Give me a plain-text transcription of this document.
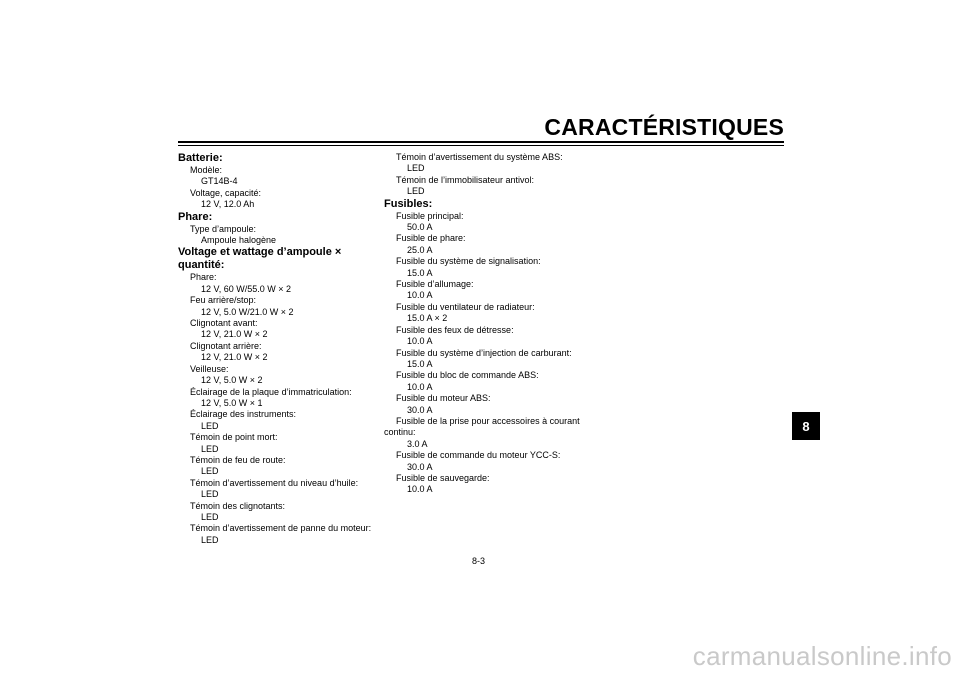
CARACTÉRISTIQUES
8
Batterie:
Modèle:
GT14B-4
Voltage, capacité:
12 V, 12.0 Ah
Phare:
Type d’ampoule:
Ampoule halogène
Voltage et wattage d’ampoule × quantité:
Phare:
12 V, 60 W/55.0 W × 2
Feu arrière/stop:
12 V, 5.0 W/21.0 W × 2
Clignotant avant:
12 V, 21.0 W × 2
Clignotant arrière:
12 V, 21.0 W × 2
Veilleuse:
12 V, 5.0 W × 2
Éclairage de la plaque d’immatriculation:
12 V, 5.0 W × 1
Éclairage des instruments:
LED
Témoin de point mort:
LED
Témoin de feu de route:
LED
Témoin d’avertissement du niveau d’huile:
LED
Témoin des clignotants:
LED
Témoin d’avertissement de panne du moteur:
LED
Témoin d’avertissement du système ABS:
LED
Témoin de l’immobilisateur antivol:
LED
Fusibles:
Fusible principal:
50.0 A
Fusible de phare:
25.0 A
Fusible du système de signalisation:
15.0 A
Fusible d’allumage:
10.0 A
Fusible du ventilateur de radiateur:
15.0 A × 2
Fusible des feux de détresse:
10.0 A
Fusible du système d’injection de carburant:
15.0 A
Fusible du bloc de commande ABS:
10.0 A
Fusible du moteur ABS:
30.0 A
Fusible de la prise pour accessoires à courant
continu:
3.0 A
Fusible de commande du moteur YCC-S:
30.0 A
Fusible de sauvegarde:
10.0 A
8-3
carmanualsonline.info
